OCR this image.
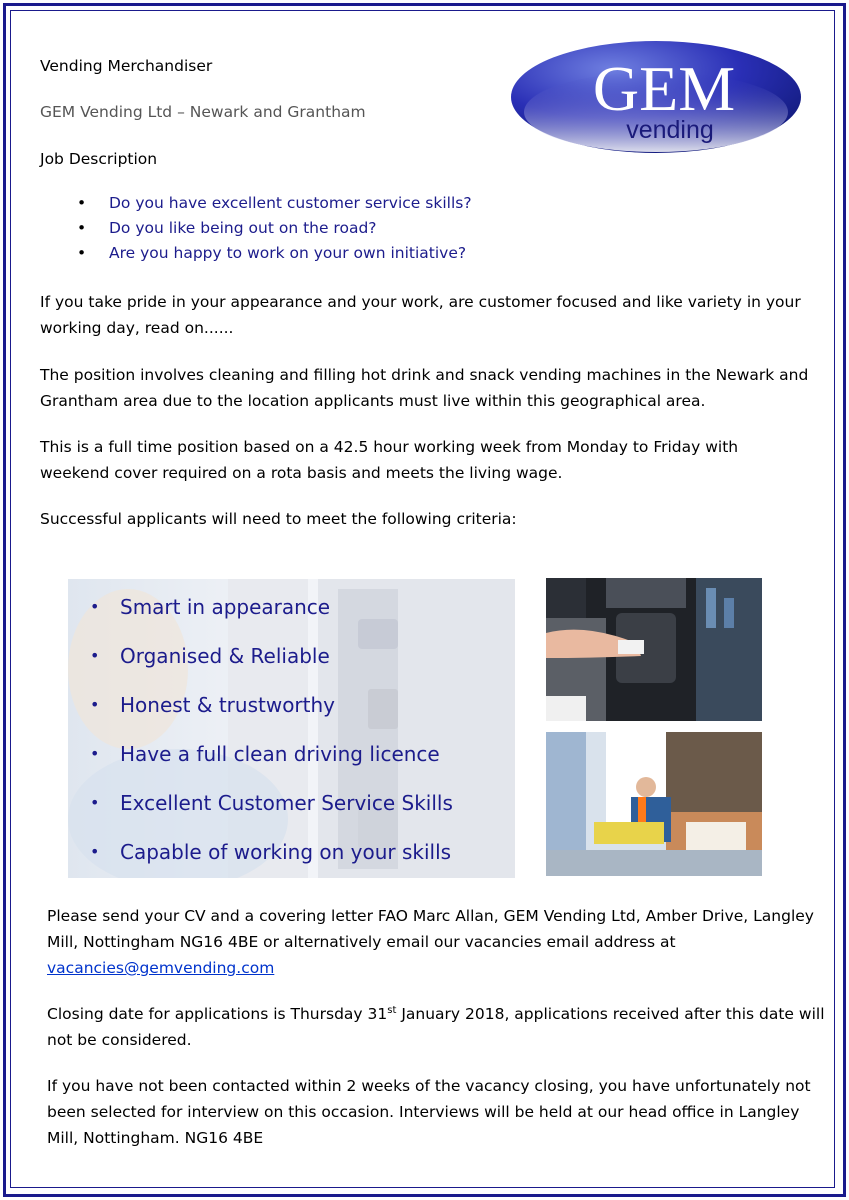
Vending Merchandiser

GEM Vending Ltd – Newark and Grantham

Job Description

GEM
vending
• Do you have excellent customer service skills?
• Do you like being out on the road?
• Are you happy to work on your own initiative?

If you take pride in your appearance and your work, are customer focused and like variety in your working day, read on......

The position involves cleaning and filling hot drink and snack vending machines in the Newark and Grantham area due to the location applicants must live within this geographical area.

This is a full time position based on a 42.5 hour working week from Monday to Friday with weekend cover required on a rota basis and meets the living wage.

Successful applicants will need to meet the following criteria:

• Smart in appearance
• Organised & Reliable
• Honest & trustworthy
• Have a full clean driving licence
• Excellent Customer Service Skills
• Capable of working on your skills

Please send your CV and a covering letter FAO Marc Allan, GEM Vending Ltd, Amber Drive, Langley Mill, Nottingham NG16 4BE or alternatively email our vacancies email address at vacancies@gemvending.com

Closing date for applications is Thursday 31st January 2018, applications received after this date will not be considered.

If you have not been contacted within 2 weeks of the vacancy closing, you have unfortunately not been selected for interview on this occasion. Interviews will be held at our head office in Langley Mill, Nottingham. NG16 4BE
